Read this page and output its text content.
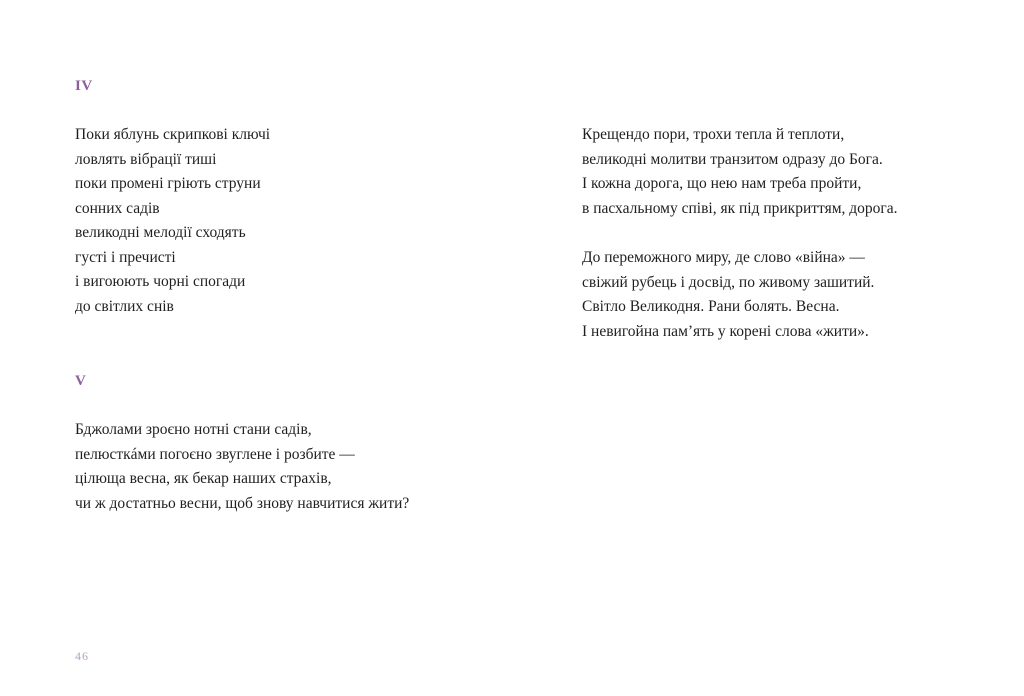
IV
Поки яблунь скрипкові ключі
ловлять вібрації тиші
поки промені гріють струни
сонних садів
великодні мелодії сходять
густі і пречисті
і вигоюють чорні спогади
до світлих снів
V
Бджолами зроєно нотні стани садів,
пелюсткáми погоєно звуглене і розбите —
цілюща весна, як бекар наших страхів,
чи ж достатньо весни, щоб знову навчитися жити?
46
Крещендо пори, трохи тепла й теплоти,
великодні молитви транзитом одразу до Бога.
І кожна дорога, що нею нам треба пройти,
в пасхальному співі, як під прикриттям, дорога.
До переможного миру, де слово «війна» —
свіжий рубець і досвід, по живому зашитий.
Світло Великодня. Рани болять. Весна.
І невигойна пам’ять у корені слова «жити».
